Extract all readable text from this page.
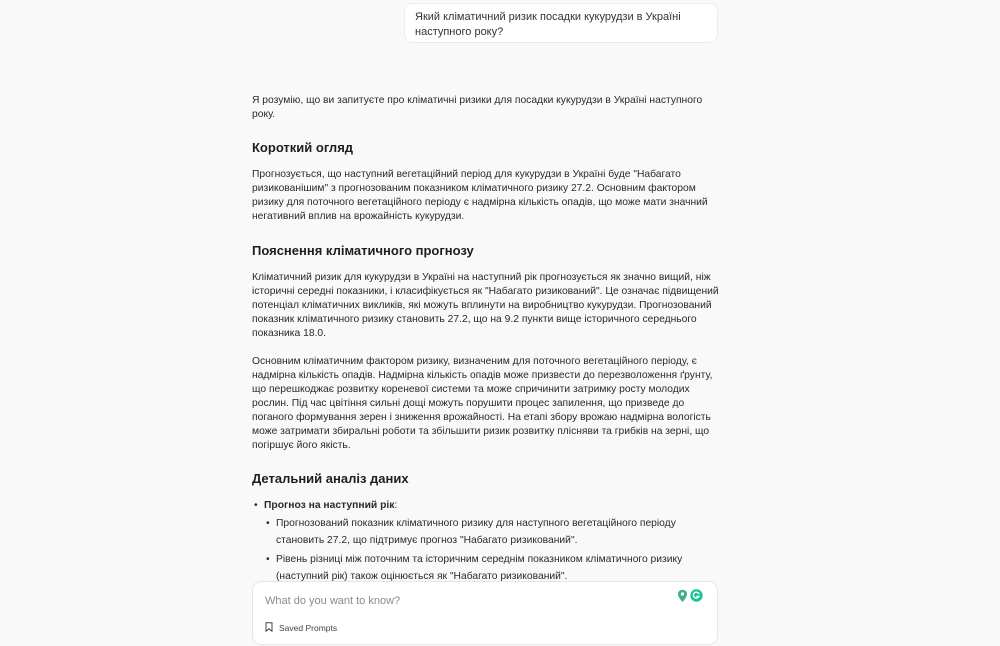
Який кліматичний ризик посадки кукурудзи в Україні наступного року?

Я розумію, що ви запитуєте про кліматичні ризики для посадки кукурудзи в Україні наступного року.

Короткий огляд

Прогнозується, що наступний вегетаційний період для кукурудзи в Україні буде "Набагато ризикованішим" з прогнозованим показником кліматичного ризику 27.2. Основним фактором ризику для поточного вегетаційного періоду є надмірна кількість опадів, що може мати значний негативний вплив на врожайність кукурудзи.

Пояснення кліматичного прогнозу

Кліматичний ризик для кукурудзи в Україні на наступний рік прогнозується як значно вищий, ніж історичні середні показники, і класифікується як "Набагато ризикований". Це означає підвищений потенціал кліматичних викликів, які можуть вплинути на виробництво кукурудзи. Прогнозований показник кліматичного ризику становить 27.2, що на 9.2 пункти вище історичного середнього показника 18.0.

Основним кліматичним фактором ризику, визначеним для поточного вегетаційного періоду, є надмірна кількість опадів. Надмірна кількість опадів може призвести до перезволоження ґрунту, що перешкоджає розвитку кореневої системи та може спричинити затримку росту молодих рослин. Під час цвітіння сильні дощі можуть порушити процес запилення, що призведе до поганого формування зерен і зниження врожайності. На етапі збору врожаю надмірна вологість може затримати збиральні роботи та збільшити ризик розвитку плісняви та грибків на зерні, що погіршує його якість.

Детальний аналіз даних
• Прогноз на наступний рік:
• Прогнозований показник кліматичного ризику для наступного вегетаційного періоду становить 27.2, що підтримує прогноз "Набагато ризикований".
• Рівень різниці між поточним та історичним середнім показником кліматичного ризику (наступний рік) також оцінюється як "Набагато ризикований".
What do you want to know?
Saved Prompts
